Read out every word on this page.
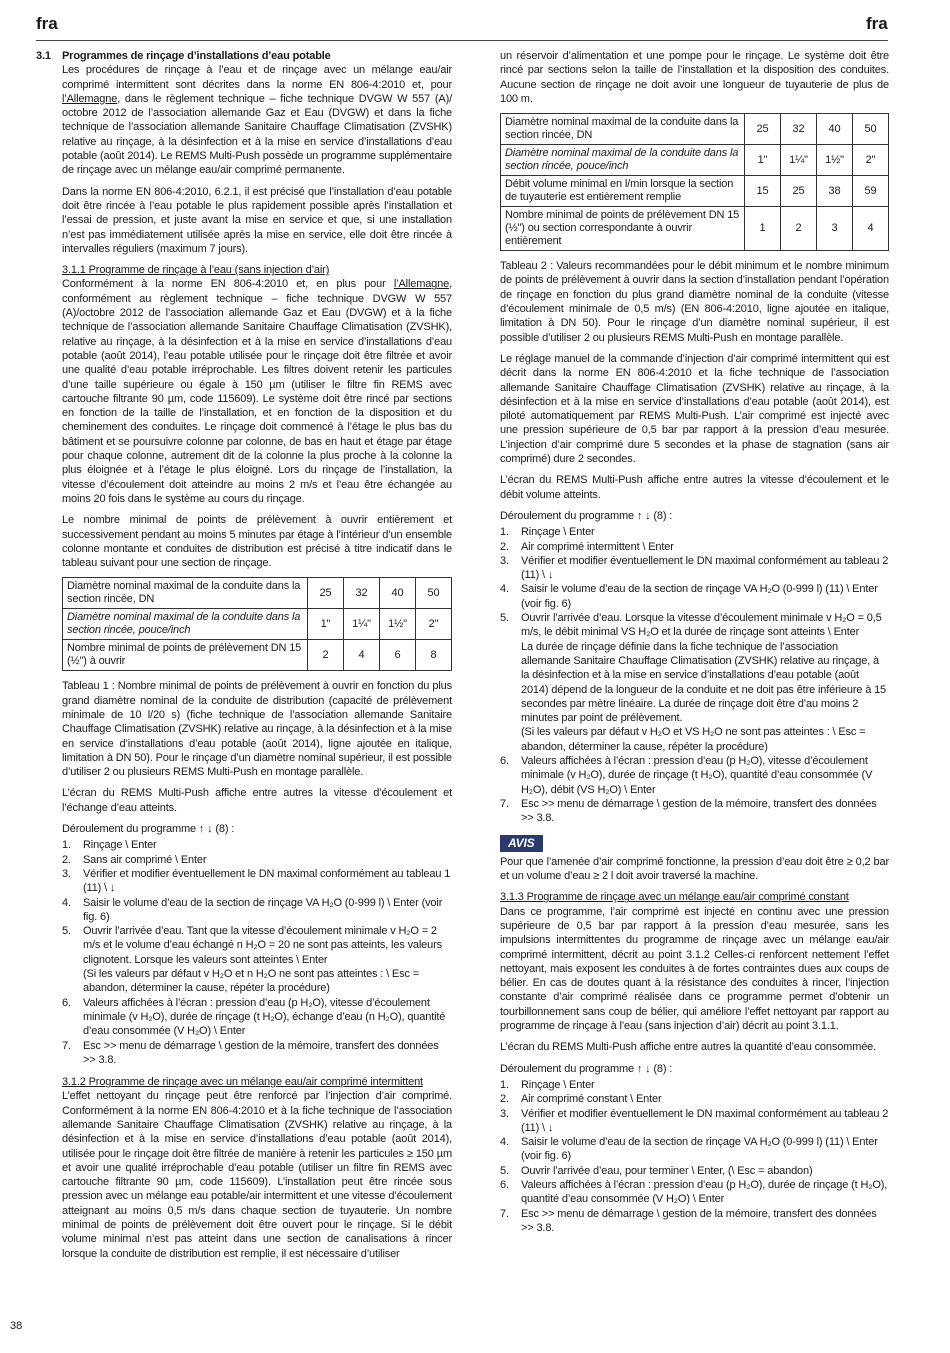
fra	fra
3.1 Programmes de rinçage d’installations d’eau potable

Les procédures de rinçage à l’eau et de rinçage avec un mélange eau/air comprimé intermittent sont décrites dans la norme EN 806-4:2010 et, pour l’Allemagne, dans le règlement technique – fiche technique DVGW W 557 (A)/ octobre 2012 de l’association allemande Gaz et Eau (DVGW) et dans la fiche technique de l’association allemande Sanitaire Chauffage Climatisation (ZVSHK) relative au rinçage, à la désinfection et à la mise en service d’installations d’eau potable (août 2014). Le REMS Multi-Push possède un programme supplémentaire de rinçage avec un mélange eau/air comprimé permanente.

Dans la norme EN 806-4:2010, 6.2.1, il est précisé que l’installation d’eau potable doit être rincée à l’eau potable le plus rapidement possible après l’installation et l’essai de pression, et juste avant la mise en service et que, si une installation n’est pas immédiatement utilisée après la mise en service, elle doit être rincée à intervalles réguliers (maximum 7 jours).

3.1.1 Programme de rinçage à l’eau (sans injection d’air)

Conformément à la norme EN 806-4:2010 et, en plus pour l’Allemagne, conformément au règlement technique – fiche technique DVGW W 557 (A)/octobre 2012 de l’association allemande Gaz et Eau (DVGW) et à la fiche technique de l’association allemande Sanitaire Chauffage Climatisation (ZVSHK), relative au rinçage, à la désinfection et à la mise en service d’installations d’eau potable (août 2014), l’eau potable utilisée pour le rinçage doit être filtrée et avoir une qualité d’eau potable irréprochable. Les filtres doivent retenir les particules d’une taille supérieure ou égale à 150 µm (utiliser le filtre fin REMS avec cartouche filtrante 90 µm, code 115609). Le système doit être rincé par sections en fonction de la taille de l’installation, et en fonction de la disposition et du cheminement des conduites. Le rinçage doit commencé à l’étage le plus bas du bâtiment et se poursuivre colonne par colonne, de bas en haut et étage par étage pour chaque colonne, autrement dit de la colonne la plus proche à la colonne la plus éloignée et à l’étage le plus éloigné. Lors du rinçage de l’installation, la vitesse d’écoulement doit atteindre au moins 2 m/s et l’eau être échangée au moins 20 fois dans le système au cours du rinçage.

Le nombre minimal de points de prélèvement à ouvrir entièrement et successivement pendant au moins 5 minutes par étage à l’intérieur d’un ensemble colonne montante et conduites de distribution est précisé à titre indicatif dans le tableau suivant pour une section de rinçage.

Diamètre nominal maximal de la conduite dans la section rincée, DN	25	32	40	50
Diamètre nominal maximal de la conduite dans la section rincée, pouce/inch	1"	1¼"	1½"	2"
Nombre minimal de points de prélèvement DN 15 (½") à ouvrir	2	4	6	8

Tableau 1 : Nombre minimal de points de prélèvement à ouvrir en fonction du plus grand diamètre nominal de la conduite de distribution (capacité de prélèvement minimale de 10 l/20 s) (fiche technique de l’association allemande Sanitaire Chauffage Climatisation (ZVSHK) relative au rinçage, à la désinfection et à la mise en service d’installations d’eau potable (août 2014), ligne ajoutée en italique, limitation à DN 50). Pour le rinçage d’un diamètre nominal supérieur, il est possible d’utiliser 2 ou plusieurs REMS Multi-Push en montage parallèle.

L’écran du REMS Multi-Push affiche entre autres la vitesse d’écoulement et l’échange d’eau atteints.

Déroulement du programme ↑ ↓ (8) :

1. Rinçage \ Enter
2. Sans air comprimé \ Enter
3. Vérifier et modifier éventuellement le DN maximal conformément au tableau 1 (11) \ ↓
4. Saisir le volume d’eau de la section de rinçage VA H₂O (0-999 l) \ Enter (voir fig. 6)
5. Ouvrir l’arrivée d’eau. Tant que la vitesse d’écoulement minimale v H₂O = 2 m/s et le volume d’eau échangé n H₂O = 20 ne sont pas atteints, les valeurs clignotent. Lorsque les valeurs sont atteintes \ Enter
(Si les valeurs par défaut v H₂O et n H₂O ne sont pas atteintes : \ Esc = abandon, déterminer la cause, répéter la procédure)
6. Valeurs affichées à l’écran : pression d’eau (p H₂O), vitesse d’écoulement minimale (v H₂O), durée de rinçage (t H₂O), échange d’eau (n H₂O), quantité d’eau consommée (V H₂O) \ Enter
7. Esc >> menu de démarrage \ gestion de la mémoire, transfert des données >> 3.8.

3.1.2 Programme de rinçage avec un mélange eau/air comprimé intermittent

L’effet nettoyant du rinçage peut être renforcé par l’injection d’air comprimé. Conformément à la norme EN 806-4:2010 et à la fiche technique de l’association allemande Sanitaire Chauffage Climatisation (ZVSHK) relative au rinçage, à la désinfection et à la mise en service d’installations d’eau potable (août 2014), utilisée pour le rinçage doit être filtrée de manière à retenir les particules ≥ 150 µm et avoir une qualité irréprochable d’eau potable (utiliser un filtre fin REMS avec cartouche filtrante 90 µm, code 115609). L’installation peut être rincée sous pression avec un mélange eau potable/air intermittent et une vitesse d’écoulement atteignant au moins 0,5 m/s dans chaque section de tuyauterie. Un nombre minimal de points de prélèvement doit être ouvert pour le rinçage. Si le débit volume minimal n’est pas atteint dans une section de canalisations à rincer lorsque la conduite de distribution est remplie, il est nécessaire d’utiliser

un réservoir d’alimentation et une pompe pour le rinçage. Le système doit être rincé par sections selon la taille de l’installation et la disposition des conduites. Aucune section de rinçage ne doit avoir une longueur de tuyauterie de plus de 100 m.

Diamètre nominal maximal de la conduite dans la section rincée, DN	25	32	40	50
Diamètre nominal maximal de la conduite dans la section rincée, pouce/inch	1"	1¼"	1½"	2"
Débit volume minimal en l/min lorsque la section de tuyauterie est entièrement remplie	15	25	38	59
Nombre minimal de points de prélèvement DN 15 (½") ou section correspondante à ouvrir entièrement	1	2	3	4

Tableau 2 : Valeurs recommandées pour le débit minimum et le nombre minimum de points de prélèvement à ouvrir dans la section d’installation pendant l’opération de rinçage en fonction du plus grand diamètre nominal de la conduite (vitesse d’écoulement minimale de 0,5 m/s) (EN 806-4:2010, ligne ajoutée en italique, limitation à DN 50). Pour le rinçage d’un diamètre nominal supérieur, il est possible d’utiliser 2 ou plusieurs REMS Multi-Push en montage parallèle.

Le réglage manuel de la commande d’injection d’air comprimé intermittent qui est décrit dans la norme EN 806-4:2010 et la fiche technique de l’association allemande Sanitaire Chauffage Climatisation (ZVSHK) relative au rinçage, à la désinfection et à la mise en service d’installations d’eau potable (août 2014), est piloté automatiquement par REMS Multi-Push. L’air comprimé est injecté avec une pression supérieure de 0,5 bar par rapport à la pression d’eau mesurée. L’injection d’air comprimé dure 5 secondes et la phase de stagnation (sans air comprimé) dure 2 secondes.

L’écran du REMS Multi-Push affiche entre autres la vitesse d’écoulement et le débit volume atteints.

Déroulement du programme ↑ ↓ (8) :

1. Rinçage \ Enter
2. Air comprimé intermittent \ Enter
3. Vérifier et modifier éventuellement le DN maximal conformément au tableau 2 (11) \ ↓
4. Saisir le volume d’eau de la section de rinçage VA H₂O (0-999 l) (11) \ Enter (voir fig. 6)
5. Ouvrir l’arrivée d’eau. Lorsque la vitesse d’écoulement minimale v H₂O = 0,5 m/s, le débit minimal VS H₂O et la durée de rinçage sont atteints \ Enter
La durée de rinçage définie dans la fiche technique de l’association allemande Sanitaire Chauffage Climatisation (ZVSHK) relative au rinçage, à la désinfection et à la mise en service d’installations d’eau potable (août 2014) dépend de la longueur de la conduite et ne doit pas être inférieure à 15 secondes par mètre linéaire. La durée de rinçage doit être d’au moins 2 minutes par point de prélèvement.
(Si les valeurs par défaut v H₂O et VS H₂O ne sont pas atteintes : \ Esc = abandon, déterminer la cause, répéter la procédure)
6. Valeurs affichées à l’écran : pression d’eau (p H₂O), vitesse d’écoulement minimale (v H₂O), durée de rinçage (t H₂O), quantité d’eau consommée (V H₂O), débit (VS H₂O) \ Enter
7. Esc >> menu de démarrage \ gestion de la mémoire, transfert des données >> 3.8.
AVIS

Pour que l’amenée d’air comprimé fonctionne, la pression d’eau doit être ≥ 0,2 bar et un volume d’eau ≥ 2 l doit avoir traversé la machine.

3.1.3 Programme de rinçage avec un mélange eau/air comprimé constant

Dans ce programme, l’air comprimé est injecté en continu avec une pression supérieure de 0,5 bar par rapport à la pression d’eau mesurée, sans les impulsions intermittentes du programme de rinçage avec un mélange eau/air comprimé intermittent, décrit au point 3.1.2 Celles-ci renforcent nettement l’effet nettoyant, mais exposent les conduites à de fortes contraintes dues aux coups de bélier. En cas de doutes quant à la résistance des conduites à rincer, l’injection constante d’air comprimé réalisée dans ce programme permet d’obtenir un tourbillonnement sans coup de bélier, qui améliore l’effet nettoyant par rapport au programme de rinçage à l’eau (sans injection d’air) décrit au point 3.1.1.

L’écran du REMS Multi-Push affiche entre autres la quantité d’eau consommée.

Déroulement du programme ↑ ↓ (8) :

1. Rinçage \ Enter
2. Air comprimé constant \ Enter
3. Vérifier et modifier éventuellement le DN maximal conformément au tableau 2 (11) \ ↓
4. Saisir le volume d’eau de la section de rinçage VA H₂O (0-999 l) (11) \ Enter (voir fig. 6)
5. Ouvrir l’arrivée d’eau, pour terminer \ Enter, (\ Esc = abandon)
6. Valeurs affichées à l’écran : pression d’eau (p H₂O), durée de rinçage (t H₂O), quantité d’eau consommée (V H₂O) \ Enter
7. Esc >> menu de démarrage \ gestion de la mémoire, transfert des données >> 3.8.
38
